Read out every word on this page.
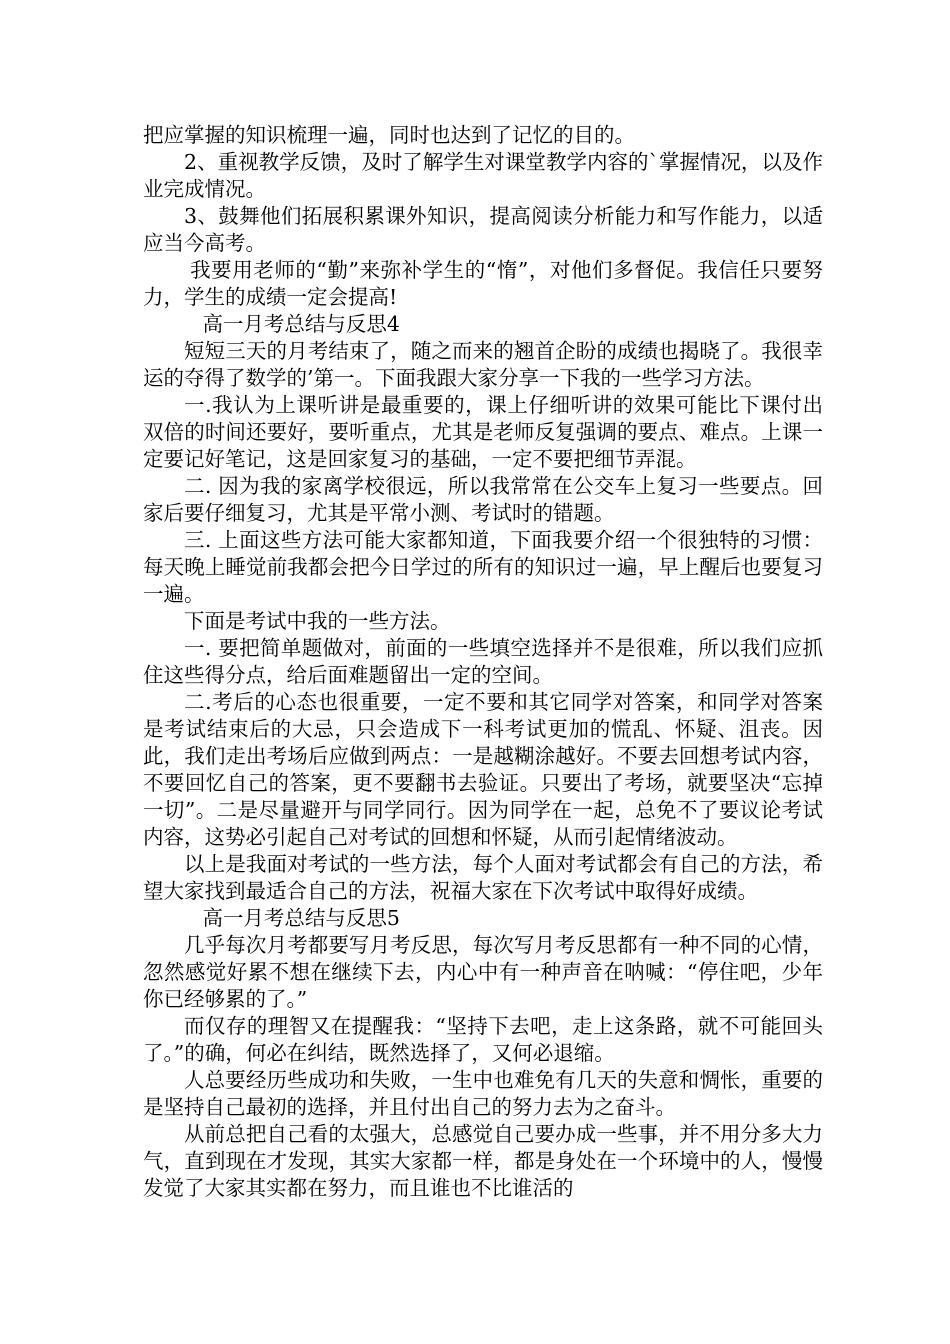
把应掌握的知识梳理一遍，同时也达到了记忆的目的。

2、重视教学反馈，及时了解学生对课堂教学内容的`掌握情况，以及作业完成情况。

3、鼓舞他们拓展积累课外知识，提高阅读分析能力和写作能力，以适应当今高考。

我要用老师的“勤”来弥补学生的“惰”，对他们多督促。我信任只要努力，学生的成绩一定会提高!

高一月考总结与反思4

短短三天的月考结束了，随之而来的翘首企盼的成绩也揭晓了。我很幸运的夺得了数学的’第一。下面我跟大家分享一下我的一些学习方法。

一.我认为上课听讲是最重要的，课上仔细听讲的效果可能比下课付出双倍的时间还要好，要听重点，尤其是老师反复强调的要点、难点。上课一定要记好笔记，这是回家复习的基础，一定不要把细节弄混。

二. 因为我的家离学校很远，所以我常常在公交车上复习一些要点。回家后要仔细复习，尤其是平常小测、考试时的错题。

三. 上面这些方法可能大家都知道，下面我要介绍一个很独特的习惯：每天晚上睡觉前我都会把今日学过的所有的知识过一遍，早上醒后也要复习一遍。

下面是考试中我的一些方法。

一. 要把简单题做对，前面的一些填空选择并不是很难，所以我们应抓住这些得分点，给后面难题留出一定的空间。

二.考后的心态也很重要，一定不要和其它同学对答案，和同学对答案是考试结束后的大忌，只会造成下一科考试更加的慌乱、怀疑、沮丧。因此，我们走出考场后应做到两点：一是越糊涂越好。不要去回想考试内容，不要回忆自己的答案，更不要翻书去验证。只要出了考场，就要坚决“忘掉一切”。二是尽量避开与同学同行。因为同学在一起，总免不了要议论考试内容，这势必引起自己对考试的回想和怀疑，从而引起情绪波动。

以上是我面对考试的一些方法，每个人面对考试都会有自己的方法，希望大家找到最适合自己的方法，祝福大家在下次考试中取得好成绩。

高一月考总结与反思5

几乎每次月考都要写月考反思，每次写月考反思都有一种不同的心情，忽然感觉好累不想在继续下去，内心中有一种声音在呐喊：“停住吧，少年你已经够累的了。”

而仅存的理智又在提醒我：“坚持下去吧，走上这条路，就不可能回头了。”的确，何必在纠结，既然选择了，又何必退缩。

人总要经历些成功和失败，一生中也难免有几天的失意和惆怅，重要的是坚持自己最初的选择，并且付出自己的努力去为之奋斗。

从前总把自己看的太强大，总感觉自己要办成一些事，并不用分多大力气，直到现在才发现，其实大家都一样，都是身处在一个环境中的人，慢慢发觉了大家其实都在努力，而且谁也不比谁活的
